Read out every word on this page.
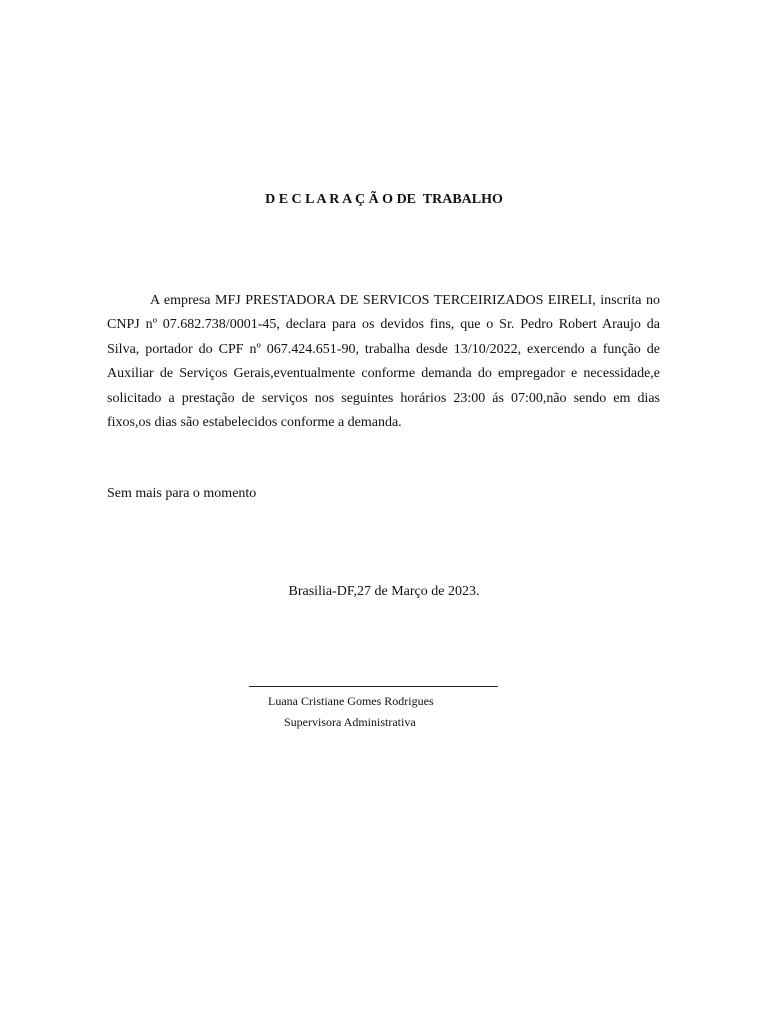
D E C L A R A Ç Ã O DE  TRABALHO

A empresa MFJ PRESTADORA DE SERVICOS TERCEIRIZADOS EIRELI, inscrita no CNPJ nº 07.682.738/0001-45, declara para os devidos fins, que o Sr. Pedro Robert Araujo da Silva, portador do CPF nº 067.424.651-90, trabalha desde 13/10/2022, exercendo a função de Auxiliar de Serviços Gerais,eventualmente conforme demanda do empregador e necessidade,e solicitado a prestação de serviços nos seguintes horários 23:00 ás 07:00,não sendo em dias fixos,os dias são estabelecidos conforme a demanda.

Sem mais para o momento

Brasilia-DF,27 de Março de 2023.

Luana Cristiane Gomes Rodrigues

Supervisora Administrativa
